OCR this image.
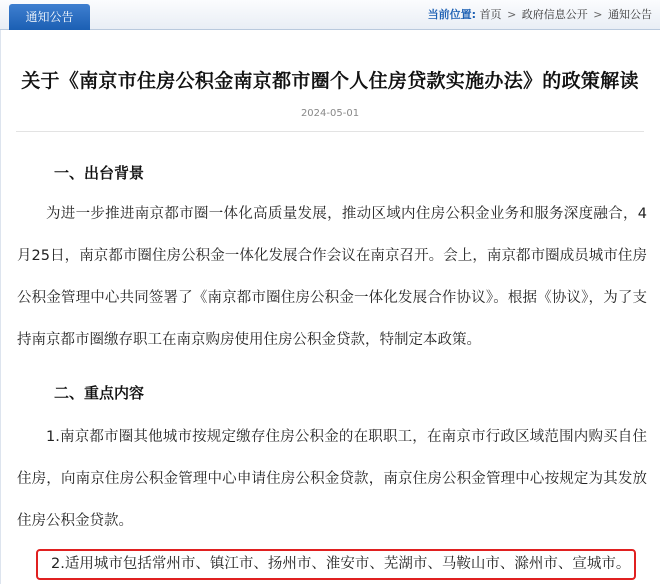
通知公告	当前位置: 首页 > 政府信息公开 > 通知公告
关于《南京市住房公积金南京都市圈个人住房贷款实施办法》的政策解读
2024-05-01
一、出台背景

为进一步推进南京都市圈一体化高质量发展，推动区域内住房公积金业务和服务深度融合，4月25日，南京都市圈住房公积金一体化发展合作会议在南京召开。会上，南京都市圈成员城市住房公积金管理中心共同签署了《南京都市圈住房公积金一体化发展合作协议》。根据《协议》，为了支持南京都市圈缴存职工在南京购房使用住房公积金贷款，特制定本政策。

二、重点内容

1.南京都市圈其他城市按规定缴存住房公积金的在职职工，在南京市行政区域范围内购买自住住房，向南京住房公积金管理中心申请住房公积金贷款，南京住房公积金管理中心按规定为其发放住房公积金贷款。

2.适用城市包括常州市、镇江市、扬州市、淮安市、芜湖市、马鞍山市、滁州市、宣城市。
